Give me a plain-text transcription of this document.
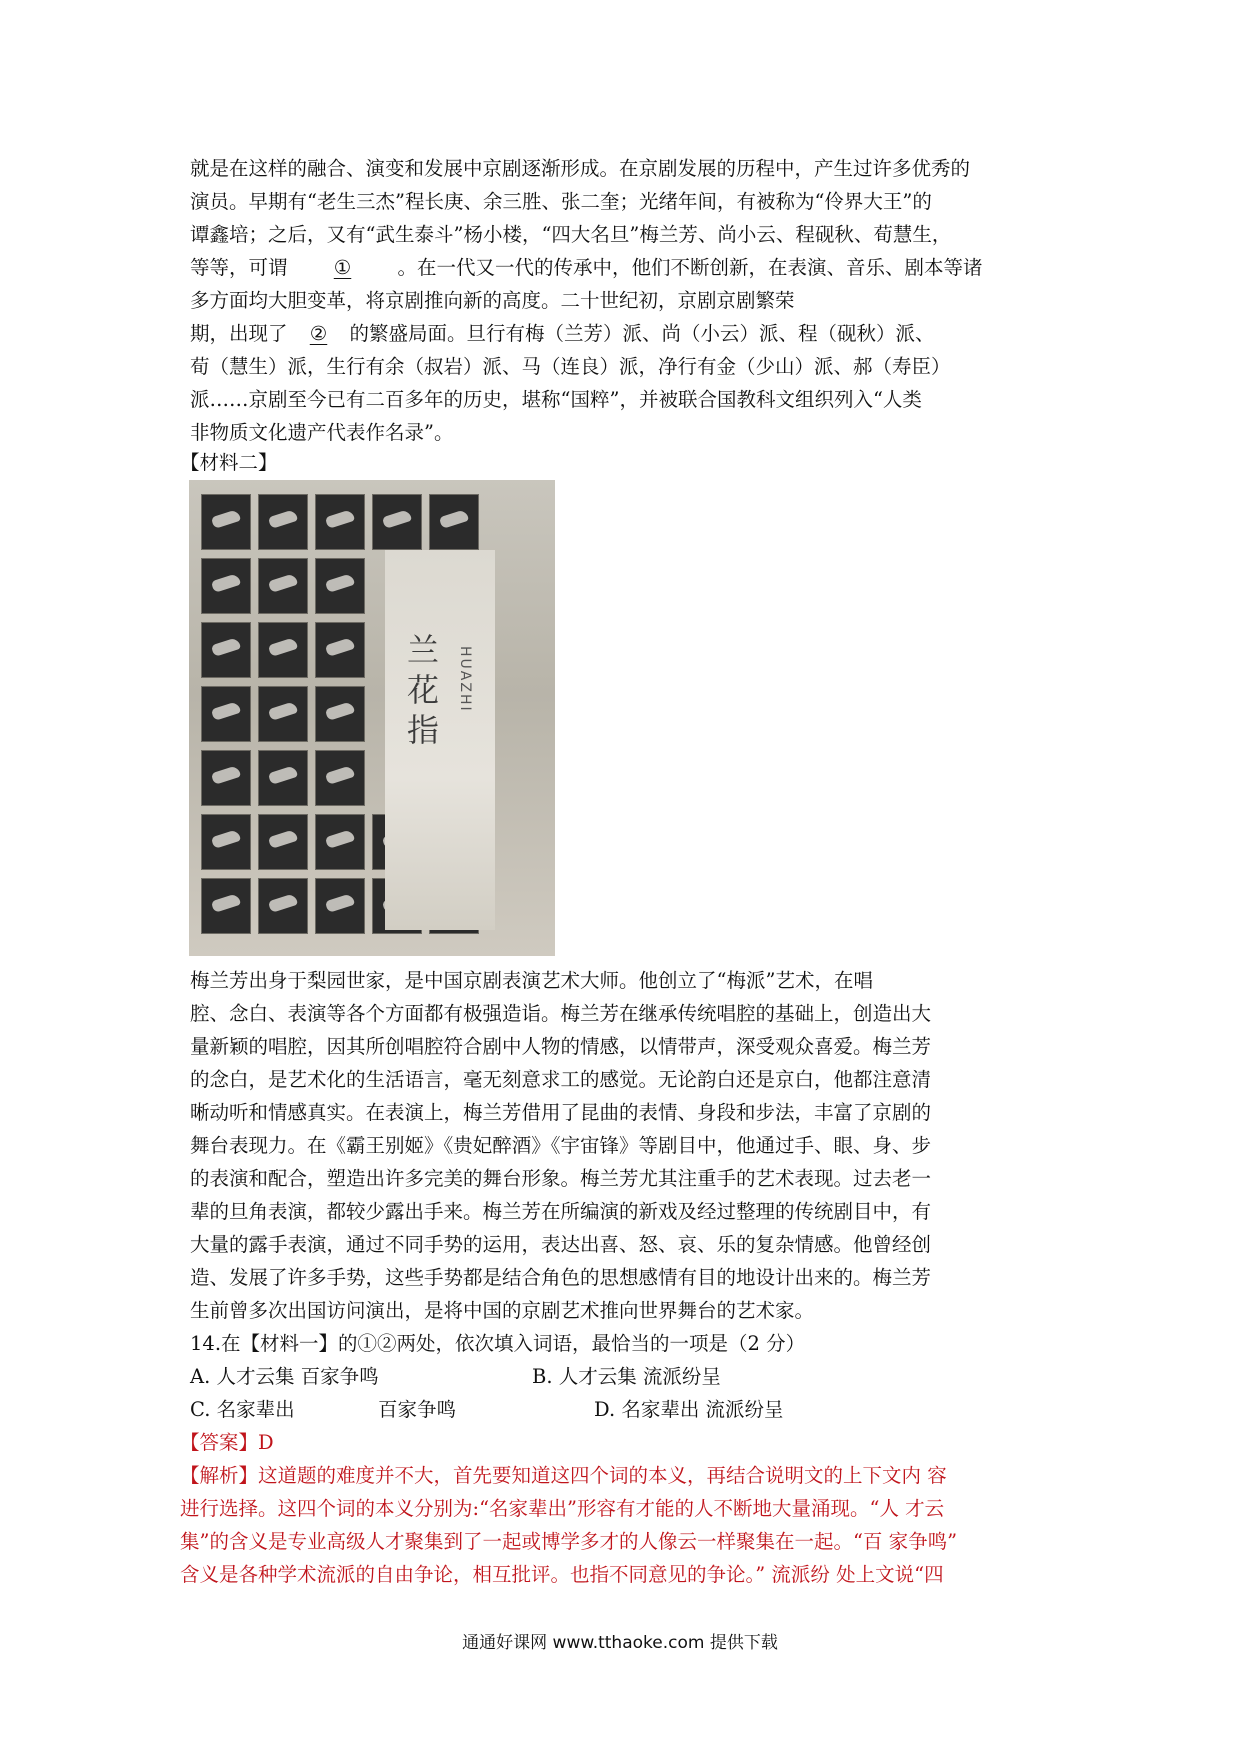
就是在这样的融合、演变和发展中京剧逐渐形成。在京剧发展的历程中，产生过许多优秀的
演员。早期有“老生三杰”程长庚、余三胜、张二奎；光绪年间，有被称为“伶界大王”的
谭鑫培；之后，又有“武生泰斗”杨小楼，“四大名旦”梅兰芳、尚小云、程砚秋、荀慧生，
等等，可谓 ① 。在一代又一代的传承中，他们不断创新，在表演、音乐、剧本等诸
多方面均大胆变革，将京剧推向新的高度。二十世纪初，京剧京剧繁荣
期，出现了 ② 的繁盛局面。旦行有梅（兰芳）派、尚（小云）派、程（砚秋）派、
荀（慧生）派，生行有余（叔岩）派、马（连良）派，净行有金（少山）派、郝（寿臣）
派……京剧至今已有二百多年的历史，堪称“国粹”，并被联合国教科文组织列入“人类
非物质文化遗产代表作名录”。
【材料二】
兰花指
HUAZHI
梅兰芳出身于梨园世家，是中国京剧表演艺术大师。他创立了“梅派”艺术，在唱
腔、念白、表演等各个方面都有极强造诣。梅兰芳在继承传统唱腔的基础上，创造出大
量新颖的唱腔，因其所创唱腔符合剧中人物的情感，以情带声，深受观众喜爱。梅兰芳
的念白，是艺术化的生活语言，毫无刻意求工的感觉。无论韵白还是京白，他都注意清
晰动听和情感真实。在表演上，梅兰芳借用了昆曲的表情、身段和步法，丰富了京剧的
舞台表现力。在《霸王别姬》《贵妃醉酒》《宇宙锋》等剧目中，他通过手、眼、身、步
的表演和配合，塑造出许多完美的舞台形象。梅兰芳尤其注重手的艺术表现。过去老一
辈的旦角表演，都较少露出手来。梅兰芳在所编演的新戏及经过整理的传统剧目中，有
大量的露手表演，通过不同手势的运用，表达出喜、怒、哀、乐的复杂情感。他曾经创
造、发展了许多手势，这些手势都是结合角色的思想感情有目的地设计出来的。梅兰芳
生前曾多次出国访问演出，是将中国的京剧艺术推向世界舞台的艺术家。
14.在【材料一】的①②两处，依次填入词语，最恰当的一项是（2 分）
A. 人才云集 百家争鸣	B. 人才云集 流派纷呈
C. 名家辈出	百家争鸣	D. 名家辈出 流派纷呈
【答案】D
【解析】这道题的难度并不大，首先要知道这四个词的本义，再结合说明文的上下文内 容
进行选择。这四个词的本义分别为:“名家辈出”形容有才能的人不断地大量涌现。“人 才云
集”的含义是专业高级人才聚集到了一起或博学多才的人像云一样聚集在一起。“百 家争鸣”
含义是各种学术流派的自由争论，相互批评。也指不同意见的争论。” 流派纷 处上文说“四
通通好课网 www.tthaoke.com 提供下载
